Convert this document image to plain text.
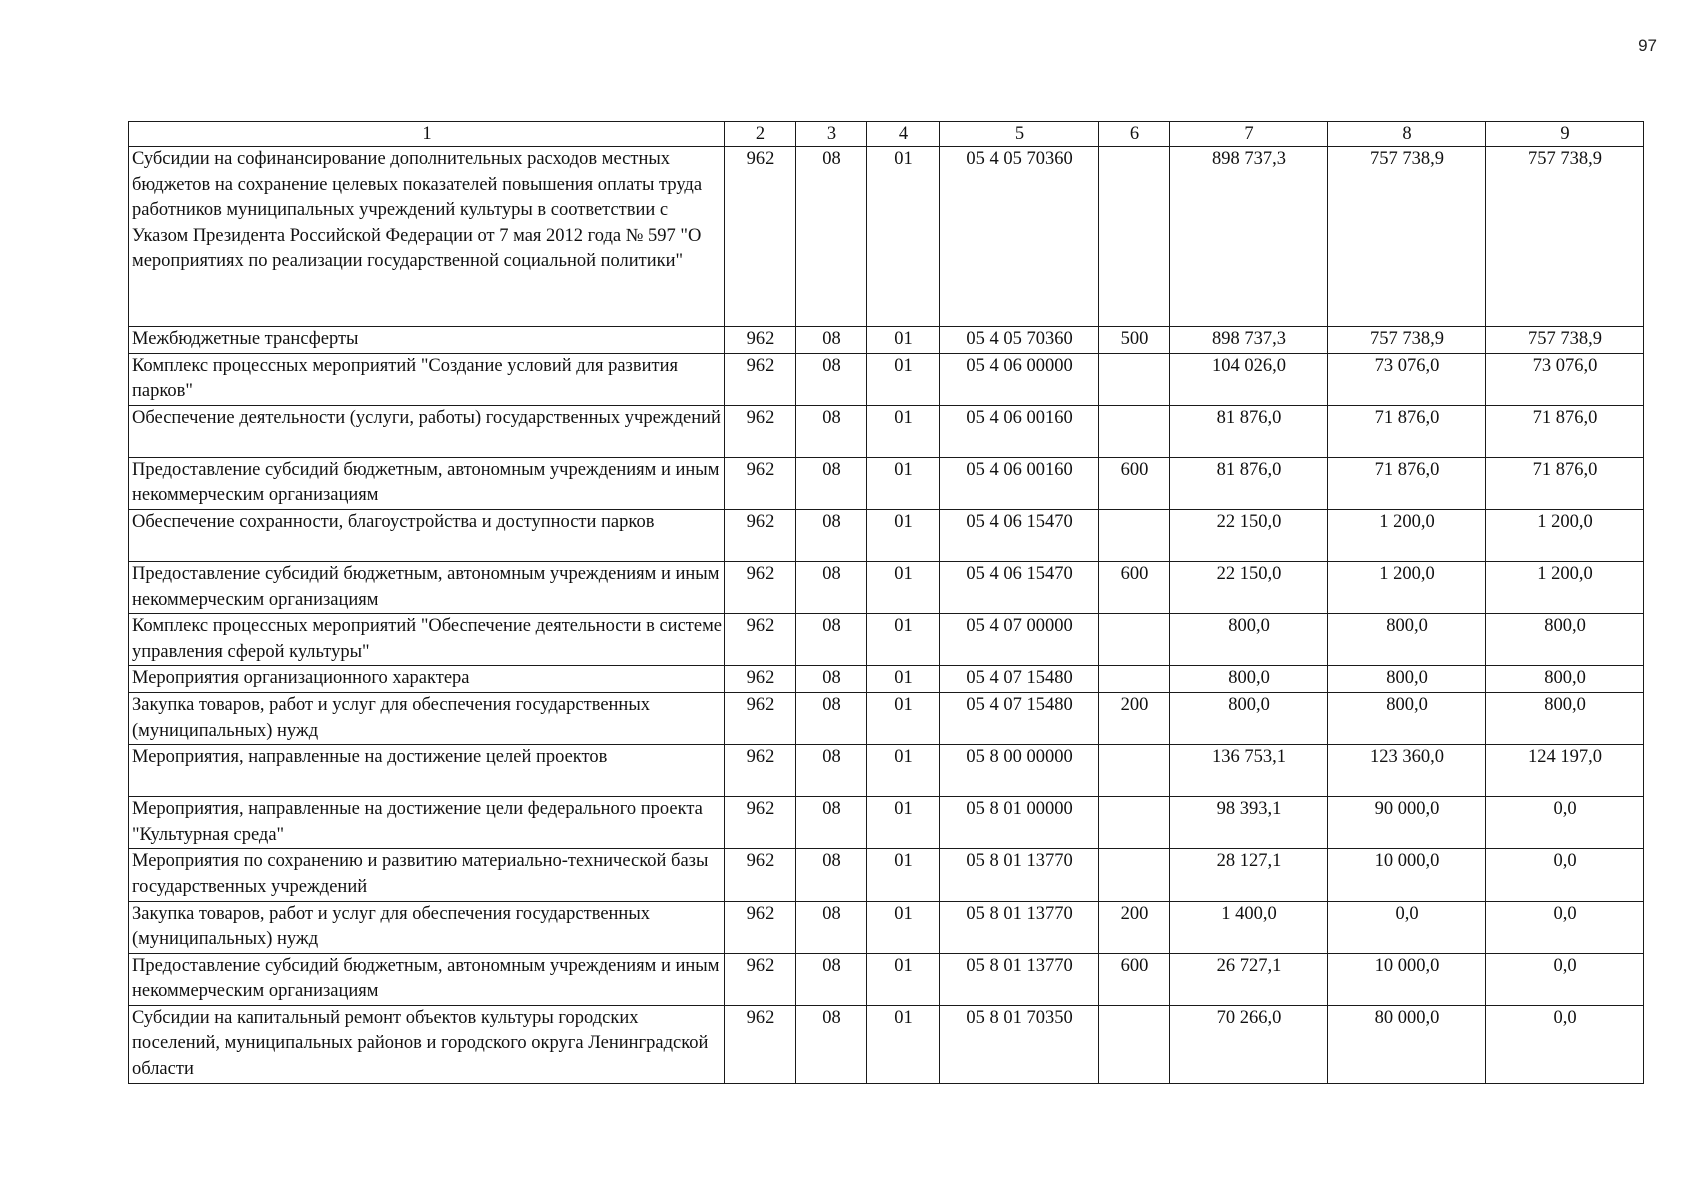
97
1	2	3	4	5	6	7	8	9
Субсидии на софинансирование дополнительных расходов местных бюджетов на сохранение целевых показателей повышения оплаты труда работников муниципальных учреждений культуры в соответствии с Указом Президента Российской Федерации от 7 мая 2012 года № 597 "О мероприятиях по реализации государственной социальной политики"	962	08	01	05 4 05 70360		898 737,3	757 738,9	757 738,9
Межбюджетные трансферты	962	08	01	05 4 05 70360	500	898 737,3	757 738,9	757 738,9
Комплекс процессных мероприятий "Создание условий для развития парков"	962	08	01	05 4 06 00000		104 026,0	73 076,0	73 076,0
Обеспечение деятельности (услуги, работы) государственных учреждений	962	08	01	05 4 06 00160		81 876,0	71 876,0	71 876,0
Предоставление субсидий бюджетным, автономным учреждениям и иным некоммерческим организациям	962	08	01	05 4 06 00160	600	81 876,0	71 876,0	71 876,0
Обеспечение сохранности, благоустройства и доступности парков	962	08	01	05 4 06 15470		22 150,0	1 200,0	1 200,0
Предоставление субсидий бюджетным, автономным учреждениям и иным некоммерческим организациям	962	08	01	05 4 06 15470	600	22 150,0	1 200,0	1 200,0
Комплекс процессных мероприятий "Обеспечение деятельности в системе управления сферой культуры"	962	08	01	05 4 07 00000		800,0	800,0	800,0
Мероприятия организационного характера	962	08	01	05 4 07 15480		800,0	800,0	800,0
Закупка товаров, работ и услуг для обеспечения государственных (муниципальных) нужд	962	08	01	05 4 07 15480	200	800,0	800,0	800,0
Мероприятия, направленные на достижение целей проектов	962	08	01	05 8 00 00000		136 753,1	123 360,0	124 197,0
Мероприятия, направленные на достижение цели федерального проекта "Культурная среда"	962	08	01	05 8 01 00000		98 393,1	90 000,0	0,0
Мероприятия по сохранению и развитию материально-технической базы государственных учреждений	962	08	01	05 8 01 13770		28 127,1	10 000,0	0,0
Закупка товаров, работ и услуг для обеспечения государственных (муниципальных) нужд	962	08	01	05 8 01 13770	200	1 400,0	0,0	0,0
Предоставление субсидий бюджетным, автономным учреждениям и иным некоммерческим организациям	962	08	01	05 8 01 13770	600	26 727,1	10 000,0	0,0
Субсидии на капитальный ремонт объектов культуры городских поселений, муниципальных районов и городского округа Ленинградской области	962	08	01	05 8 01 70350		70 266,0	80 000,0	0,0
